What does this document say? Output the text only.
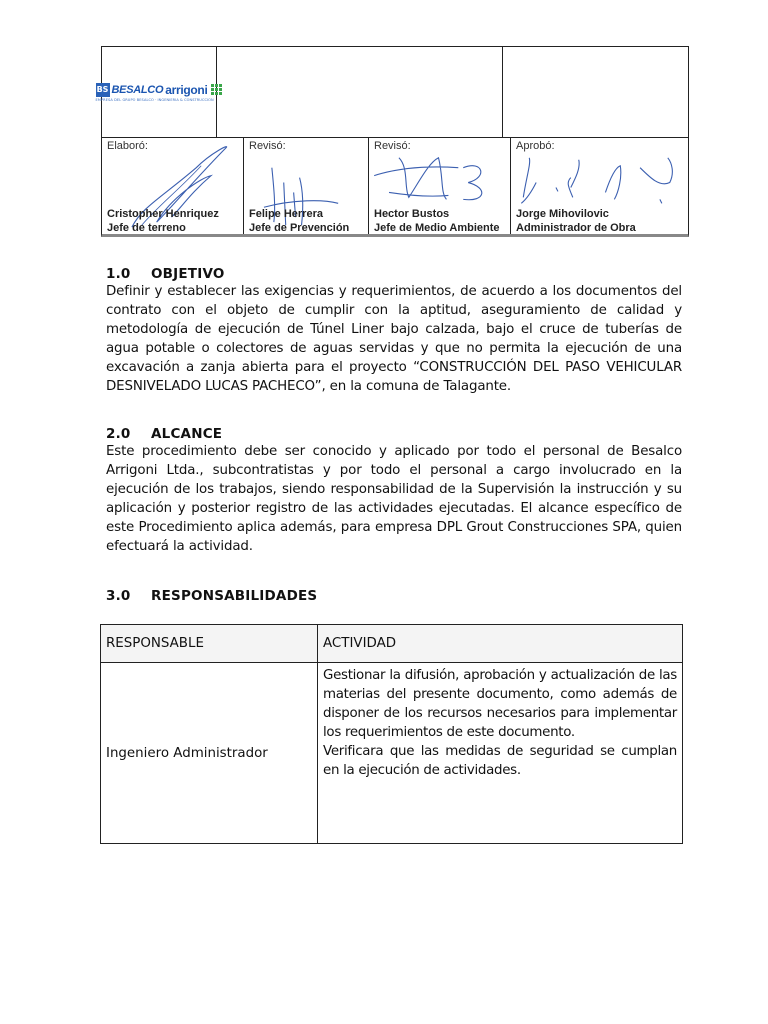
BS BESALCO arrigoni
EMPRESA DEL GRUPO BESALCO · INGENIERIA & CONSTRUCCION
Elaboró:
Cristopher Henriquez
Jefe de terreno
Revisó:
Felipe Herrera
Jefe de Prevención
Revisó:
Hector Bustos
Jefe de Medio Ambiente
Aprobó:
Jorge Mihovilovic
Administrador de Obra
1.0 OBJETIVO
Definir y establecer las exigencias y requerimientos, de acuerdo a los documentos del contrato con el objeto de cumplir con la aptitud, aseguramiento de calidad y metodología de ejecución de Túnel Liner bajo calzada, bajo el cruce de tuberías de agua potable o colectores de aguas servidas y que no permita la ejecución de una excavación a zanja abierta para el proyecto “CONSTRUCCIÓN DEL PASO VEHICULAR DESNIVELADO LUCAS PACHECO”, en la comuna de Talagante.
2.0 ALCANCE
Este procedimiento debe ser conocido y aplicado por todo el personal de Besalco Arrigoni Ltda., subcontratistas y por todo el personal a cargo involucrado en la ejecución de los trabajos, siendo responsabilidad de la Supervisión la instrucción y su aplicación y posterior registro de las actividades ejecutadas. El alcance específico de este Procedimiento aplica además, para empresa DPL Grout Construcciones SPA, quien efectuará la actividad.
3.0 RESPONSABILIDADES
RESPONSABLE	ACTIVIDAD
Ingeniero Administrador	Gestionar la difusión, aprobación y actualización de las materias del presente documento, como además de disponer de los recursos necesarios para implementar los requerimientos de este documento.
Verificara que las medidas de seguridad se cumplan en la ejecución de actividades.
